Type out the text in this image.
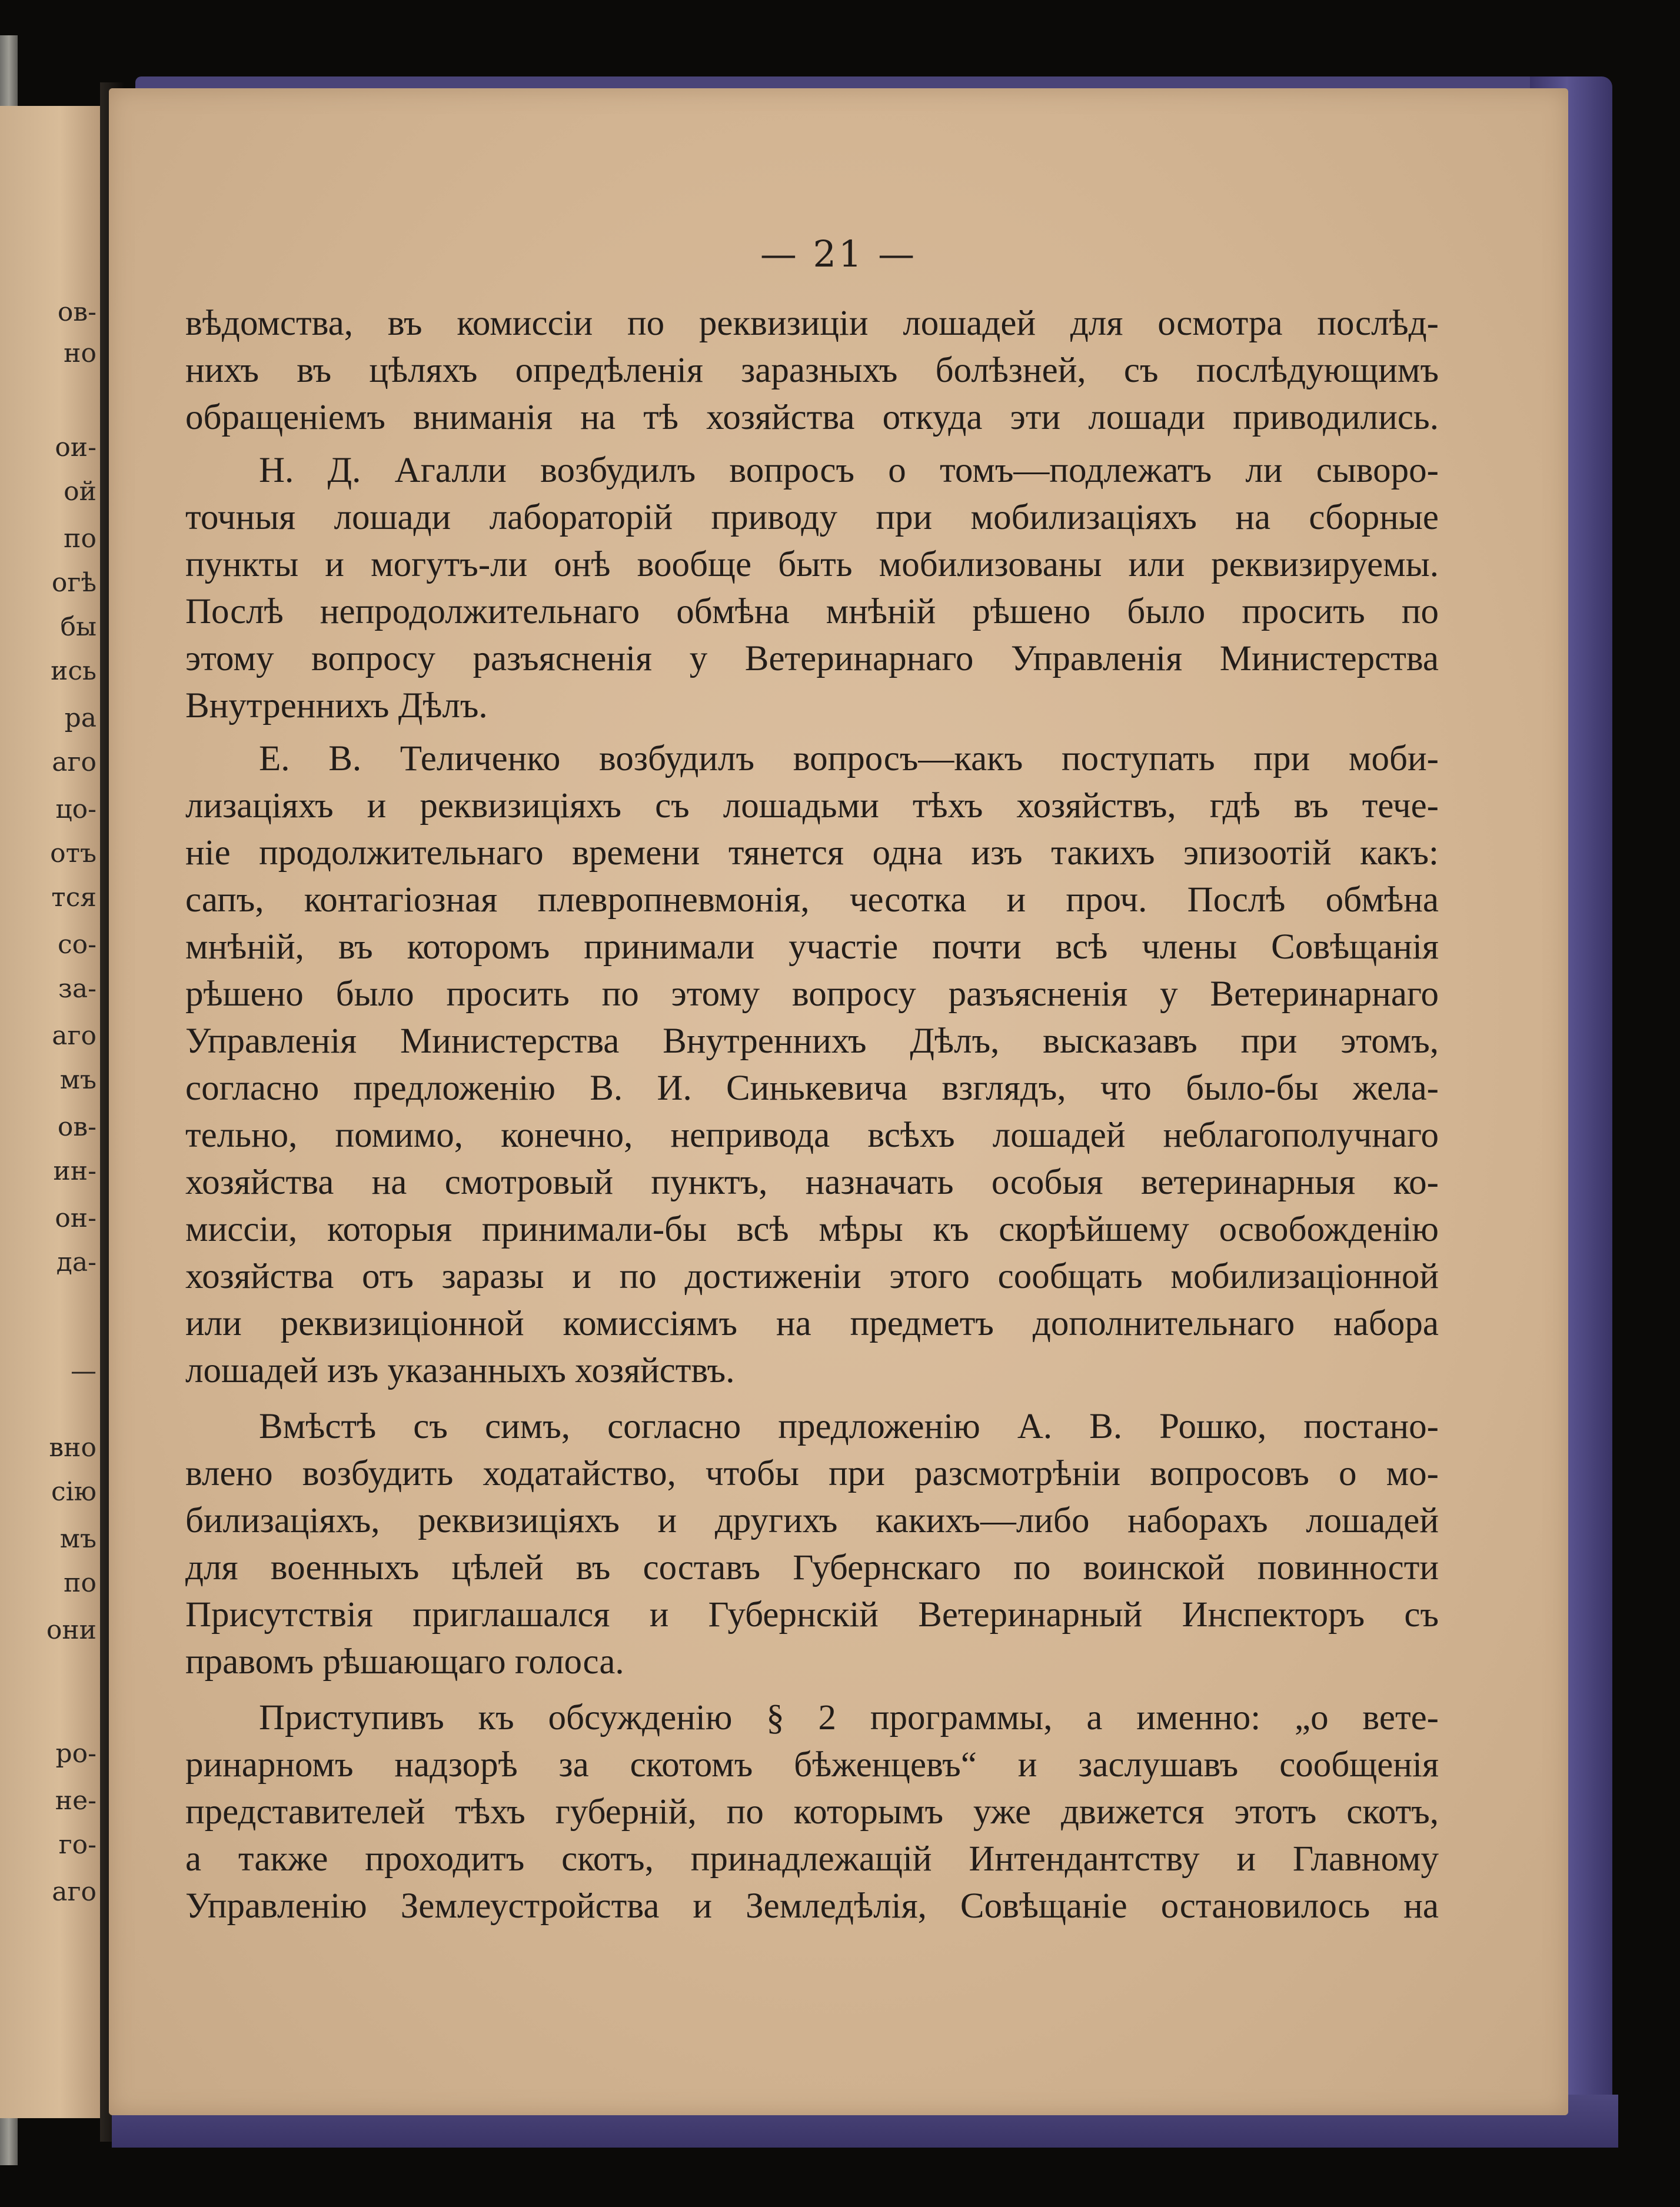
ов-
но
ои-
ой
по
огѣ
бы
ись
ра
аго
цо-
отъ
тся
со-
за-
аго
мъ
ов-
ин-
он-
да-
—
вно
сію
мъ
по
они
ро-
не-
го-
аго
— 21 —
вѣдомства, въ комиссіи по реквизиціи лошадей для осмотра послѣд-
нихъ въ цѣляхъ опредѣленія заразныхъ болѣзней, съ послѣдующимъ
обращеніемъ вниманія на тѣ хозяйства откуда эти лошади приводились.
Н. Д. Агалли возбудилъ вопросъ о томъ—подлежатъ ли сыворо-
точныя лошади лабораторій приводу при мобилизаціяхъ на сборные
пункты и могутъ-ли онѣ вообще быть мобилизованы или реквизируемы.
Послѣ непродолжительнаго обмѣна мнѣній рѣшено было просить по
этому вопросу разъясненія у Ветеринарнаго Управленія Министерства
Внутреннихъ Дѣлъ.
Е. В. Теличенко возбудилъ вопросъ—какъ поступать при моби-
лизаціяхъ и реквизиціяхъ съ лошадьми тѣхъ хозяйствъ, гдѣ въ тече-
ніе продолжительнаго времени тянется одна изъ такихъ эпизоотій какъ:
сапъ, контагіозная плевропневмонія, чесотка и проч. Послѣ обмѣна
мнѣній, въ которомъ принимали участіе почти всѣ члены Совѣщанія
рѣшено было просить по этому вопросу разъясненія у Ветеринарнаго
Управленія Министерства Внутреннихъ Дѣлъ, высказавъ при этомъ,
согласно предложенію В. И. Синькевича взглядъ, что было-бы жела-
тельно, помимо, конечно, непривода всѣхъ лошадей неблагополучнаго
хозяйства на смотровый пунктъ, назначать особыя ветеринарныя ко-
миссіи, которыя принимали-бы всѣ мѣры къ скорѣйшему освобожденію
хозяйства отъ заразы и по достиженіи этого сообщать мобилизаціонной
или реквизиціонной комиссіямъ на предметъ дополнительнаго набора
лошадей изъ указанныхъ хозяйствъ.
Вмѣстѣ съ симъ, согласно предложенію А. В. Рошко, постано-
влено возбудить ходатайство, чтобы при разсмотрѣніи вопросовъ о мо-
билизаціяхъ, реквизиціяхъ и другихъ какихъ—либо наборахъ лошадей
для военныхъ цѣлей въ составъ Губернскаго по воинской повинности
Присутствія приглашался и Губернскій Ветеринарный Инспекторъ съ
правомъ рѣшающаго голоса.
Приступивъ къ обсужденію § 2 программы, а именно: „о вете-
ринарномъ надзорѣ за скотомъ бѣженцевъ“ и заслушавъ сообщенія
представителей тѣхъ губерній, по которымъ уже движется этотъ скотъ,
а также проходитъ скотъ, принадлежащій Интендантству и Главному
Управленію Землеустройства и Земледѣлія, Совѣщаніе остановилось на
